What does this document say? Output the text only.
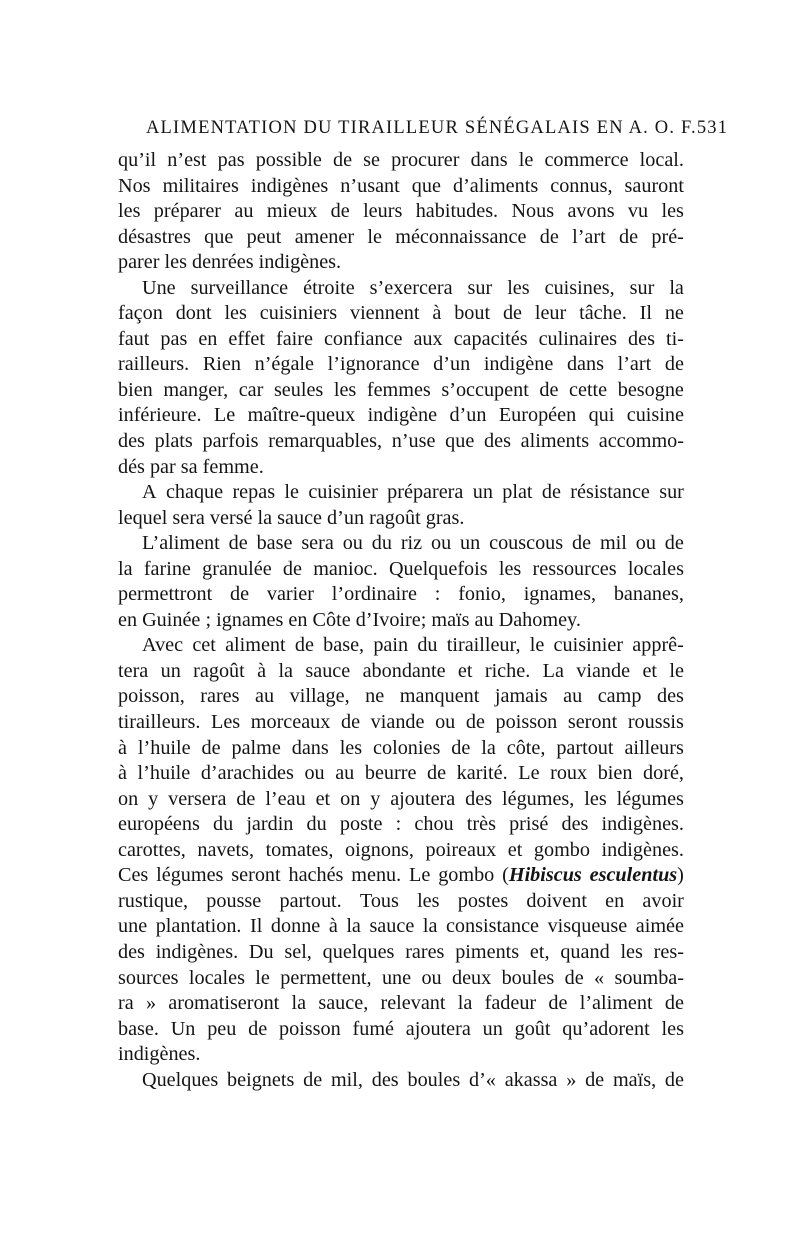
ALIMENTATION DU TIRAILLEUR SÉNÉGALAIS EN A. O. F. 531
qu’il n’est pas possible de se procurer dans le commerce local.
Nos militaires indigènes n’usant que d’aliments connus, sauront
les préparer au mieux de leurs habitudes. Nous avons vu les
désastres que peut amener le méconnaissance de l’art de pré-
parer les denrées indigènes.
Une surveillance étroite s’exercera sur les cuisines, sur la
façon dont les cuisiniers viennent à bout de leur tâche. Il ne
faut pas en effet faire confiance aux capacités culinaires des ti-
railleurs. Rien n’égale l’ignorance d’un indigène dans l’art de
bien manger, car seules les femmes s’occupent de cette besogne
inférieure. Le maître-queux indigène d’un Européen qui cuisine
des plats parfois remarquables, n’use que des aliments accommo-
dés par sa femme.
A chaque repas le cuisinier préparera un plat de résistance sur
lequel sera versé la sauce d’un ragoût gras.
L’aliment de base sera ou du riz ou un couscous de mil ou de
la farine granulée de manioc. Quelquefois les ressources locales
permettront de varier l’ordinaire : fonio, ignames, bananes,
en Guinée ; ignames en Côte d’Ivoire; maïs au Dahomey.
Avec cet aliment de base, pain du tirailleur, le cuisinier apprê-
tera un ragoût à la sauce abondante et riche. La viande et le
poisson, rares au village, ne manquent jamais au camp des
tirailleurs. Les morceaux de viande ou de poisson seront roussis
à l’huile de palme dans les colonies de la côte, partout ailleurs
à l’huile d’arachides ou au beurre de karité. Le roux bien doré,
on y versera de l’eau et on y ajoutera des légumes, les légumes
européens du jardin du poste : chou très prisé des indigènes.
carottes, navets, tomates, oignons, poireaux et gombo indigènes.
Ces légumes seront hachés menu. Le gombo (Hibiscus esculentus)
rustique, pousse partout. Tous les postes doivent en avoir
une plantation. Il donne à la sauce la consistance visqueuse aimée
des indigènes. Du sel, quelques rares piments et, quand les res-
sources locales le permettent, une ou deux boules de « soumba-
ra » aromatiseront la sauce, relevant la fadeur de l’aliment de
base. Un peu de poisson fumé ajoutera un goût qu’adorent les
indigènes.
Quelques beignets de mil, des boules d’« akassa » de maïs, de
